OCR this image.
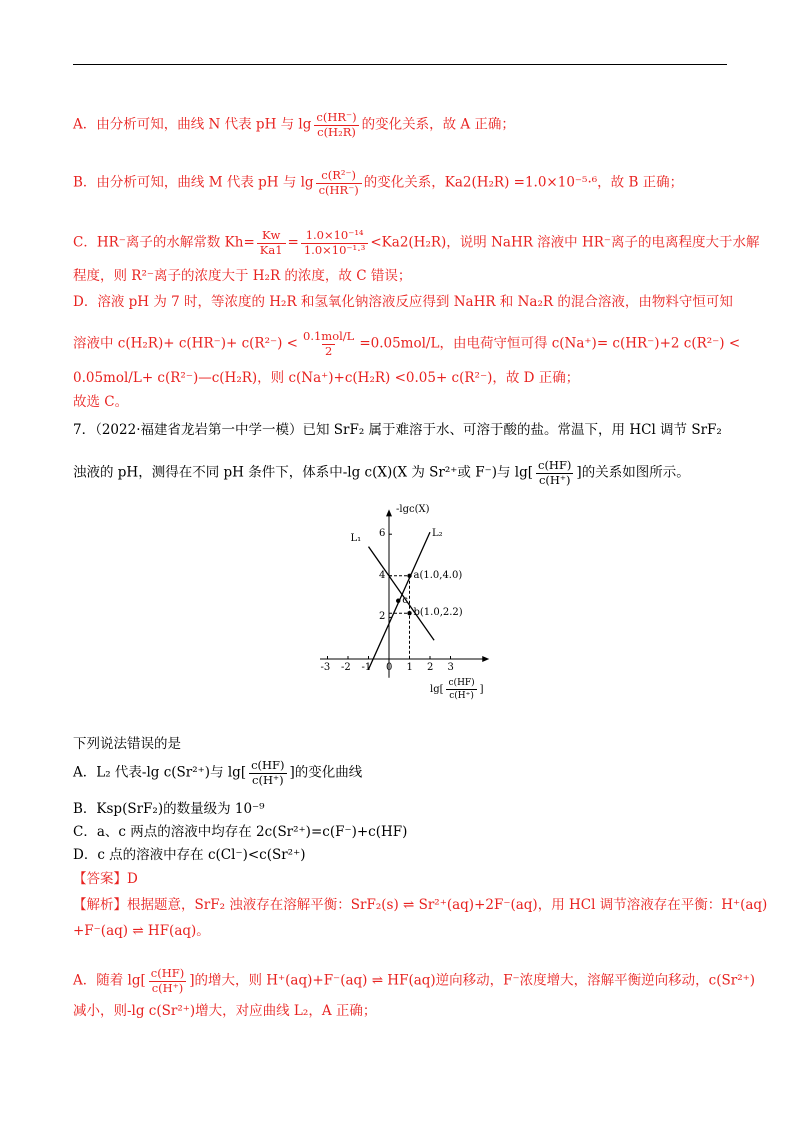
A．由分析可知，曲线 N 代表 pH 与 $\lg \frac{c(HR^-)}{\text{c(H₂R)}}$ 的变化关系，故 A 正确；
B．由分析可知，曲线 M 代表 pH 与 $\lg \frac{\text{c(R²⁻)}}{c(HR^-)}$ 的变化关系，Ka2(H₂R) =1.0×10⁻⁵·⁶，故 B 正确；
C．HR⁻离子的水解常数 $Kh= \frac{Kw}{Ka1} = \frac{\text{1.0×10⁻¹⁴}}{\text{1.0×10⁻¹·³}} <Ka2(H_2R)$，说明 NaHR 溶液中 HR⁻离子的电离程度大于水解
程度，则 R²⁻离子的浓度大于 H₂R 的浓度，故 C 错误；
D．溶液 pH 为 7 时，等浓度的 H₂R 和氢氧化钠溶液反应得到 NaHR 和 Na₂R 的混合溶液，由物料守恒可知
溶液中 $c(H_2R)+ c(HR^-)+ c(R^{2-}) < \frac{\text{0.1mol/L}}{2} =0.05mol/L$，由电荷守恒可得 c(Na⁺)= c(HR⁻)+2 c(R²⁻) <
0.05mol/L+ c(R²⁻)—c(H₂R)，则 c(Na⁺)+c(H₂R) <0.05+ c(R²⁻)，故 D 正确；
故选 C。
7．（2022·福建省龙岩第一中学一模）已知 SrF₂ 属于难溶于水、可溶于酸的盐。常温下，用 HCl 调节 SrF₂
浊液的 pH，测得在不同 pH 条件下，体系中-lg c(X)(X 为 Sr²⁺或 F⁻)与 $\lg[ \frac{c(HF)}{c(H^+)}$ ]的关系如图所示。
-lgc(X)
L₁	L₂
a(1.0,4.0)
b(1.0,2.2)
c
-3 -2 -1 0 1 2 3
2
4
6
$\lg[ \frac{c(HF)}{c(H^+)}$ ]
下列说法错误的是
A．L₂ 代表-lg c(Sr²⁺)与 $\lg[ \frac{c(HF)}{c(H^+)}$ ]的变化曲线
B．Ksp(SrF₂)的数量级为 10⁻⁹
C．a、c 两点的溶液中均存在 2c(Sr²⁺)=c(F⁻)+c(HF)
D．c 点的溶液中存在 c(Cl⁻)<c(Sr²⁺)
【答案】D
【解析】根据题意，SrF₂ 浊液存在溶解平衡：SrF₂(s) ⇌ Sr²⁺(aq)+2F⁻(aq)，用 HCl 调节溶液存在平衡：H⁺(aq)
+F⁻(aq) ⇌ HF(aq)。
A．随着 $\lg[ \frac{c(HF)}{c(H^+)}$ ]的增大，则 H⁺(aq)+F⁻(aq) ⇌ HF(aq)逆向移动，F⁻浓度增大，溶解平衡逆向移动，c(Sr²⁺)
减小，则-lg c(Sr²⁺)增大，对应曲线 L₂，A 正确；
